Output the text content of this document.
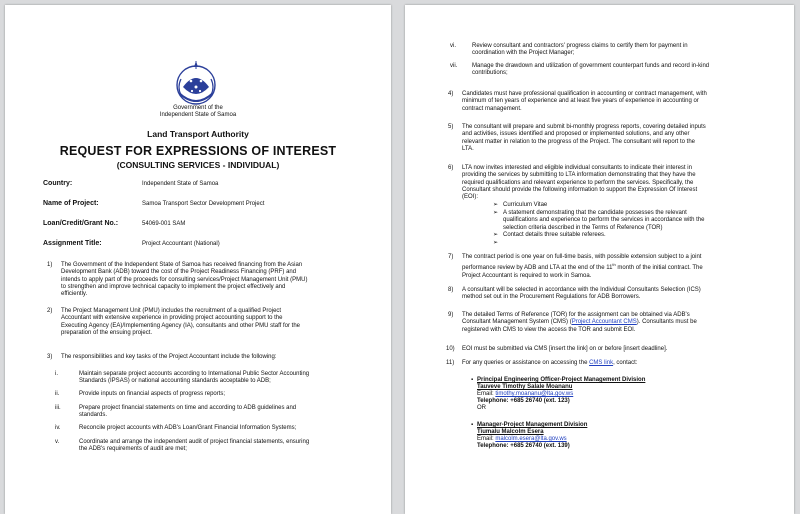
Government of the
Independent State of Samoa
Land Transport Authority
REQUEST FOR EXPRESSIONS OF INTEREST
(CONSULTING SERVICES - INDIVIDUAL)
Country:	Independent State of Samoa
Name of Project:	Samoa Transport Sector Development Project
Loan/Credit/Grant No.:	54069-001 SAM
Assignment Title:	Project Accountant (National)
1) The Government of the Independent State of Samoa has received financing from the Asian
Development Bank (ADB) toward the cost of the Project Readiness Financing (PRF) and
intends to apply part of the proceeds for consulting services/Project Management Unit (PMU)
to strengthen and improve technical capacity to implement the project effectively and
efficiently.
2) The Project Management Unit (PMU) includes the recruitment of a qualified Project
Accountant with extensive experience in providing project accounting support to the
Executing Agency (EA)/Implementing Agency (IA), consultants and other PMU staff for the
preparation of the ensuing project.
3) The responsibilities and key tasks of the Project Accountant include the following:
i.	Maintain separate project accounts according to International Public Sector Accounting
Standards (IPSAS) or national accounting standards acceptable to ADB;
ii.	Provide inputs on financial aspects of progress reports;
iii.	Prepare project financial statements on time and according to ADB guidelines and
standards.
iv.	Reconcile project accounts with ADB's Loan/Grant Financial Information Systems;
v.	Coordinate and arrange the independent audit of project financial statements, ensuring
the ADB's requirements of audit are met;
vi.	Review consultant and contractors' progress claims to certify them for payment in
coordination with the Project Manager;
vii.	Manage the drawdown and utilization of government counterpart funds and record in-kind
contributions;
4) Candidates must have professional qualification in accounting or contract management, with
minimum of ten years of experience and at least five years of experience in accounting or
contract management.
5) The consultant will prepare and submit bi-monthly progress reports, covering detailed inputs
and activities, issues identified and proposed or implemented solutions, and any other
relevant matter in relation to the progress of the Project. The consultant will report to the
LTA.
6) LTA now invites interested and eligible individual consultants to indicate their interest in
providing the services by submitting to LTA information demonstrating that they have the
required qualifications and relevant experience to perform the services. Specifically, the
Consultant should provide the following information to support the Expression Of Interest
(EOI):
➢ Curriculum Vitae
➢ A statement demonstrating that the candidate possesses the relevant
qualifications and experience to perform the services in accordance with the
selection criteria described in the Terms of Reference (TOR)
➢ Contact details three suitable referees.
➢
7) The contract period is one year on full-time basis, with possible extension subject to a joint
performance review by ADB and LTA at the end of the 11th month of the initial contract. The
Project Accountant is required to work in Samoa.
8) A consultant will be selected in accordance with the Individual Consultants Selection (ICS)
method set out in the Procurement Regulations for ADB Borrowers.
9) The detailed Terms of Reference (TOR) for the assignment can be obtained via ADB's
Consultant Management System (CMS) (Project Accountant CMS). Consultants must be
registered with CMS to view the access the TOR and submit EOI.
10) EOI must be submitted via CMS [insert the link] on or before [insert deadline].
11) For any queries or assistance on accessing the CMS link, contact:
▪ Principal Engineering Officer-Project Management Division
Tauveve Timothy Salale Moananu
Email: timothy.moananu@lta.gov.ws
Telephone: +685 26740 (ext. 123)
OR
▪ Manager-Project Management Division
Tiumalu Malcolm Esera
Email: malcolm.esera@lta.gov.ws
Telephone: +685 26740 (ext. 139)
